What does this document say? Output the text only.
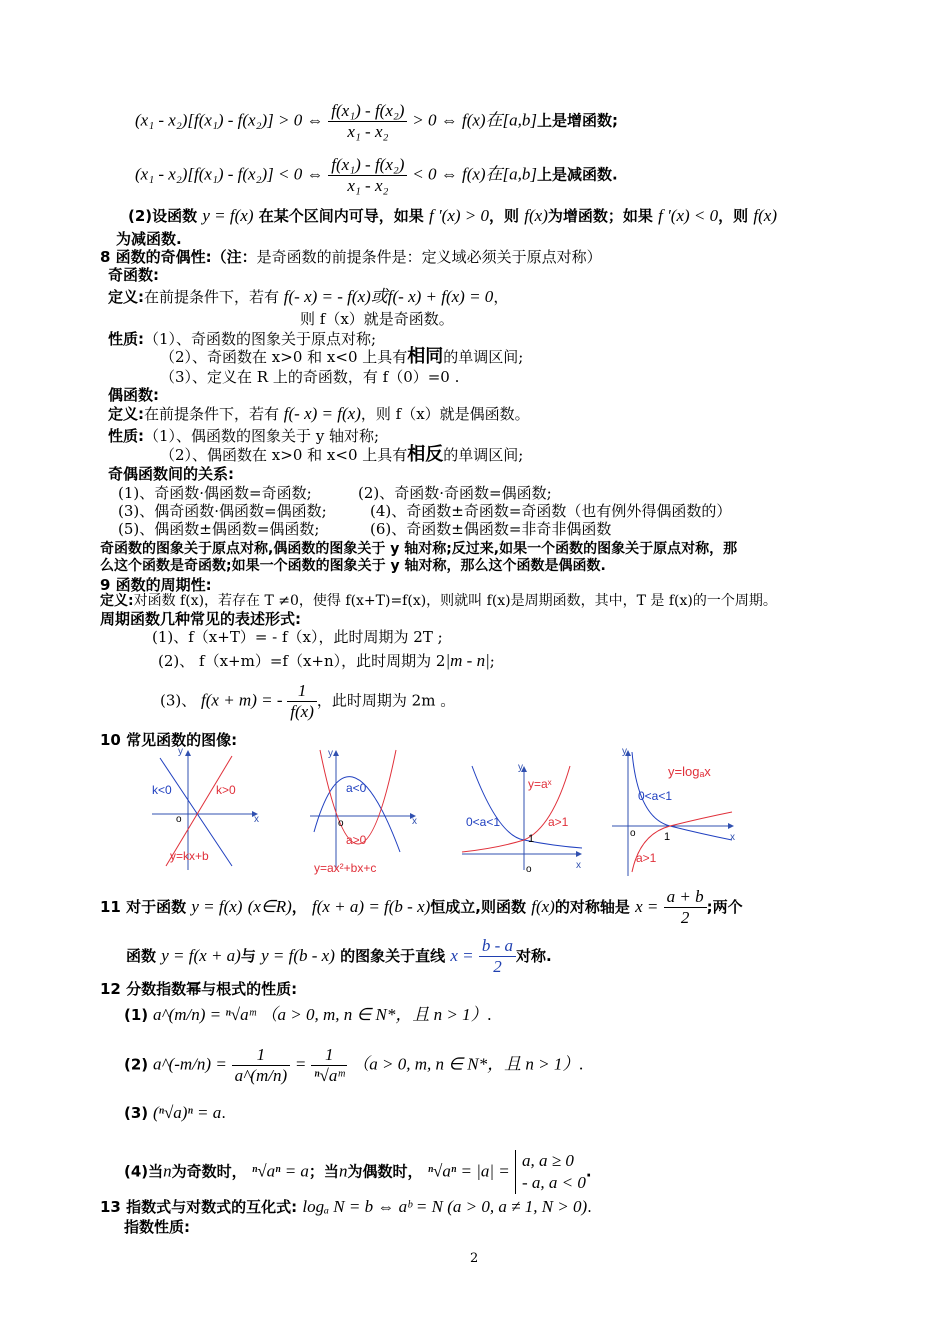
(x₁ - x₂)[f(x₁) - f(x₂)] > 0 ⇔ $\frac{\text{f(x₁) - f(x₂)}}{\text{x₁ - x₂}} > 0$ ⇔ f(x)在[a,b]上是增函数;
(x₁ - x₂)[f(x₁) - f(x₂)] < 0 ⇔ $\frac{\text{f(x₁) - f(x₂)}}{\text{x₁ - x₂}} < 0$ ⇔ f(x)在[a,b]上是减函数.
(2)设函数 y = f(x) 在某个区间内可导，如果 f ′(x) > 0，则 f(x)为增函数；如果 f ′(x) < 0，则 f(x)
为减函数.
8 函数的奇偶性:（注：是奇函数的前提条件是：定义域必须关于原点对称）
奇函数:
定义:在前提条件下，若有 f(- x) = - f(x)或f(- x) + f(x) = 0，
则 f（x）就是奇函数。
性质:（1）、奇函数的图象关于原点对称;
（2）、奇函数在 x>0 和 x<0 上具有相同的单调区间;
（3）、定义在 R 上的奇函数，有 f（0）=0 .
偶函数:
定义:在前提条件下，若有 f(- x) = f(x)，则 f（x）就是偶函数。
性质:（1）、偶函数的图象关于 y 轴对称;
（2）、偶函数在 x>0 和 x<0 上具有相反的单调区间;
奇偶函数间的关系:
(1)、奇函数·偶函数=奇函数;	(2)、奇函数·奇函数=偶函数;
(3)、偶奇函数·偶函数=偶函数;	(4)、奇函数±奇函数=奇函数（也有例外得偶函数的）
(5)、偶函数±偶函数=偶函数;	(6)、奇函数±偶函数=非奇非偶函数
奇函数的图象关于原点对称,偶函数的图象关于 y 轴对称;反过来,如果一个函数的图象关于原点对称，那
么这个函数是奇函数;如果一个函数的图象关于 y 轴对称，那么这个函数是偶函数.
9 函数的周期性:
定义:对函数 f(x)，若存在 T ≠0，使得 f(x+T)=f(x)，则就叫 f(x)是周期函数，其中，T 是 f(x)的一个周期。
周期函数几种常见的表述形式:
(1)、f（x+T）= - f（x），此时周期为 2T ;
(2)、 f（x+m）=f（x+n），此时周期为 2|m - n|;
(3)、 f(x + m) = - $\frac{1}{f(x)}$ ，此时周期为 2m 。
10 常见函数的图像:
y
x
o
k<0	k>0
y=kx+b
y
x
o
a<0
a>0
y=ax²+bx+c
y
x
o
1
y=aˣ
0<a<1	a>1
y
x
o	1
y=logₐx
0<a<1
a>1
11 对于函数 y = f(x) (x∈R)， f(x + a) = f(b - x)恒成立,则函数 f(x)的对称轴是 $x = \frac{a + b}{2}$ ;两个
函数 y = f(x + a)与 y = f(b - x) 的图象关于直线 $x = \frac{b - a}{2}$ 对称.
12 分数指数幂与根式的性质:
(1) a^(m/n) = ⁿ√aᵐ （a > 0, m, n ∈ N*，且 n > 1）.
(2) a^(-m/n) = $\frac{1}{a\^{}(m/n)} = \frac{1}{\text{ⁿ√aᵐ}} (a > 0$, m, n ∈ N*，且 n > 1）.
(3) (ⁿ√a)ⁿ = a.
(4)当n为奇数时， ⁿ√aⁿ = a；当n为偶数时， ⁿ√aⁿ = |a| =
a, a ≥ 0
- a, a < 0
.
13 指数式与对数式的互化式: logₐ N = b ⇔ aᵇ = N (a > 0, a ≠ 1, N > 0).
指数性质:
2
